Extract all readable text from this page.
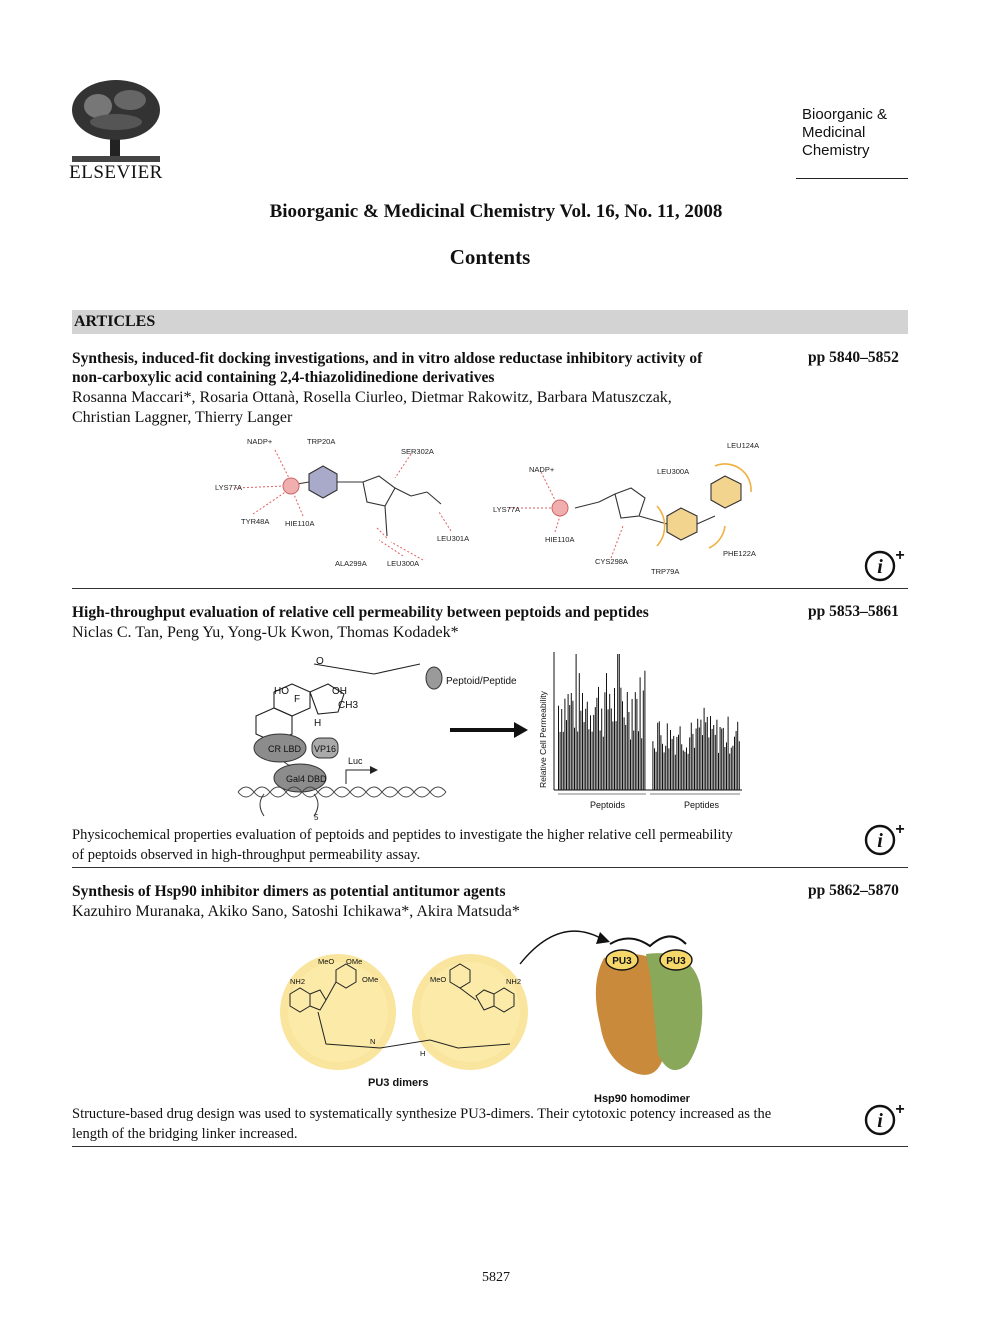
ELSEVIER
Bioorganic &
Medicinal
Chemistry
Bioorganic & Medicinal Chemistry Vol. 16, No. 11, 2008
Contents
ARTICLES
Synthesis, induced-fit docking investigations, and in vitro aldose reductase inhibitory activity of
non-carboxylic acid containing 2,4-thiazolidinedione derivatives
pp 5840–5852
Rosanna Maccari*, Rosaria Ottanà, Rosella Ciurleo, Dietmar Rakowitz, Barbara Matuszczak,
Christian Laggner, Thierry Langer
NADP+	TRP20A
SER302A
LYS77A
TYR48A HIE110A
LEU301A
ALA299A	LEU300A
NADP+	LEU300A
LEU124A
LYS77A
HIE110A
CYS298A
TRP79A
PHE122A
i
+
High-throughput evaluation of relative cell permeability between peptoids and peptides	pp 5853–5861
Niclas C. Tan, Peng Yu, Yong-Uk Kwon, Thomas Kodadek*
Peptoid/Peptide
CR LBD VP16
Gal4 DBD
Luc
5
HO	OH
CH3
F
H
O
Relative Cell Permeability
Peptoids	Peptides
Physicochemical properties evaluation of peptoids and peptides to investigate the higher relative cell permeability
of peptoids observed in high-throughput permeability assay.
i
+
Synthesis of Hsp90 inhibitor dimers as potential antitumor agents	pp 5862–5870
Kazuhiro Muranaka, Akiko Sano, Satoshi Ichikawa*, Akira Matsuda*
MeO OMe
OMe	MeO
NH2	NH2
N
H
PU3 dimers
PU3	PU3
Hsp90 homodimer
Structure-based drug design was used to systematically synthesize PU3-dimers. Their cytotoxic potency increased as the
length of the bridging linker increased.
i
+
5827
